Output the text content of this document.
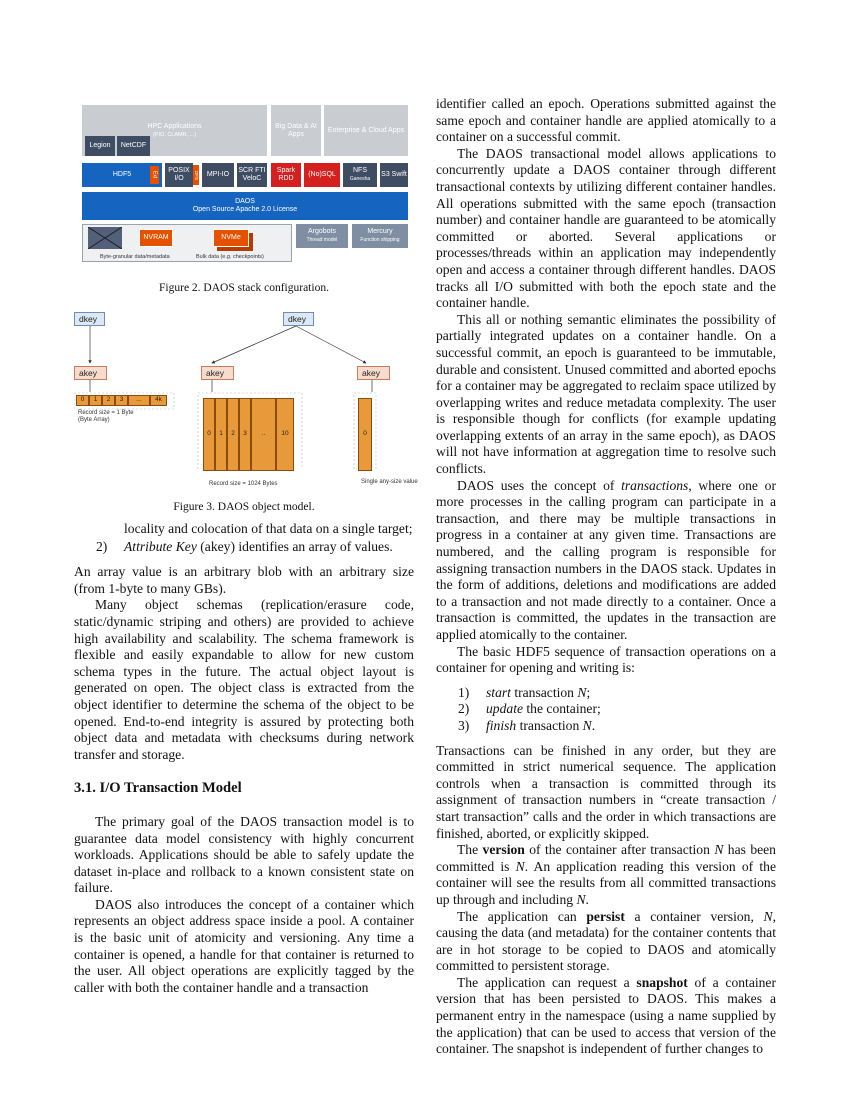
HPC Applications
(PIO, CLAMR, ...)
Legion NetCDF
Big Data & AI Apps
Enterprise & Cloud Apps
HDF5	Ext
POSIX I/O	DFS MPI-IO
SCR FTI VeloC
Spark RDD
(No)SQL
NFS
Ganesha
S3 Swift
DAOS
Open Source Apache 2.0 License
NVRAM	NVMe
Byte-granular data/metadata	Bulk data (e.g. checkpoints)
Argobots
Thread model
Mercury
Function shipping
Figure 2. DAOS stack configuration.
dkey	dkey
akey	akey	akey
0	1	2	3	...	4k
Record size = 1 Byte
(Byte Array)
0	1	2	3	..	10
Record size = 1024 Bytes
0
Single any-size value
Figure 3. DAOS object model.
locality and colocation of that data on a single target;
2) Attribute Key (akey) identifies an array of values.

An array value is an arbitrary blob with an arbitrary size (from 1-byte to many GBs).

Many object schemas (replication/erasure code, static/dynamic striping and others) are provided to achieve high availability and scalability. The schema framework is flexible and easily expandable to allow for new custom schema types in the future. The actual object layout is generated on open. The object class is extracted from the object identifier to determine the schema of the object to be opened. End-to-end integrity is assured by protecting both object data and metadata with checksums during network transfer and storage.

3.1. I/O Transaction Model

The primary goal of the DAOS transaction model is to guarantee data model consistency with highly concurrent workloads. Applications should be able to safely update the dataset in-place and rollback to a known consistent state on failure.

DAOS also introduces the concept of a container which represents an object address space inside a pool. A container is the basic unit of atomicity and versioning. Any time a container is opened, a handle for that container is returned to the user. All object operations are explicitly tagged by the caller with both the container handle and a transaction

identifier called an epoch. Operations submitted against the same epoch and container handle are applied atomically to a container on a successful commit.

The DAOS transactional model allows applications to concurrently update a DAOS container through different transactional contexts by utilizing different container handles. All operations submitted with the same epoch (transaction number) and container handle are guaranteed to be atomically committed or aborted. Several applications or processes/threads within an application may independently open and access a container through different handles. DAOS tracks all I/O submitted with both the epoch state and the container handle.

This all or nothing semantic eliminates the possibility of partially integrated updates on a container handle. On a successful commit, an epoch is guaranteed to be immutable, durable and consistent. Unused committed and aborted epochs for a container may be aggregated to reclaim space utilized by overlapping writes and reduce metadata complexity. The user is responsible though for conflicts (for example updating overlapping extents of an array in the same epoch), as DAOS will not have information at aggregation time to resolve such conflicts.

DAOS uses the concept of transactions, where one or more processes in the calling program can participate in a transaction, and there may be multiple transactions in progress in a container at any given time. Transactions are numbered, and the calling program is responsible for assigning transaction numbers in the DAOS stack. Updates in the form of additions, deletions and modifications are added to a transaction and not made directly to a container. Once a transaction is committed, the updates in the transaction are applied atomically to the container.

The basic HDF5 sequence of transaction operations on a container for opening and writing is:

1) start transaction N;
2) update the container;
3) finish transaction N.

Transactions can be finished in any order, but they are committed in strict numerical sequence. The application controls when a transaction is committed through its assignment of transaction numbers in “create transaction / start transaction” calls and the order in which transactions are finished, aborted, or explicitly skipped.

The version of the container after transaction N has been committed is N. An application reading this version of the container will see the results from all committed transactions up through and including N.

The application can persist a container version, N, causing the data (and metadata) for the container contents that are in hot storage to be copied to DAOS and atomically committed to persistent storage.

The application can request a snapshot of a container version that has been persisted to DAOS. This makes a permanent entry in the namespace (using a name supplied by the application) that can be used to access that version of the container. The snapshot is independent of further changes to
